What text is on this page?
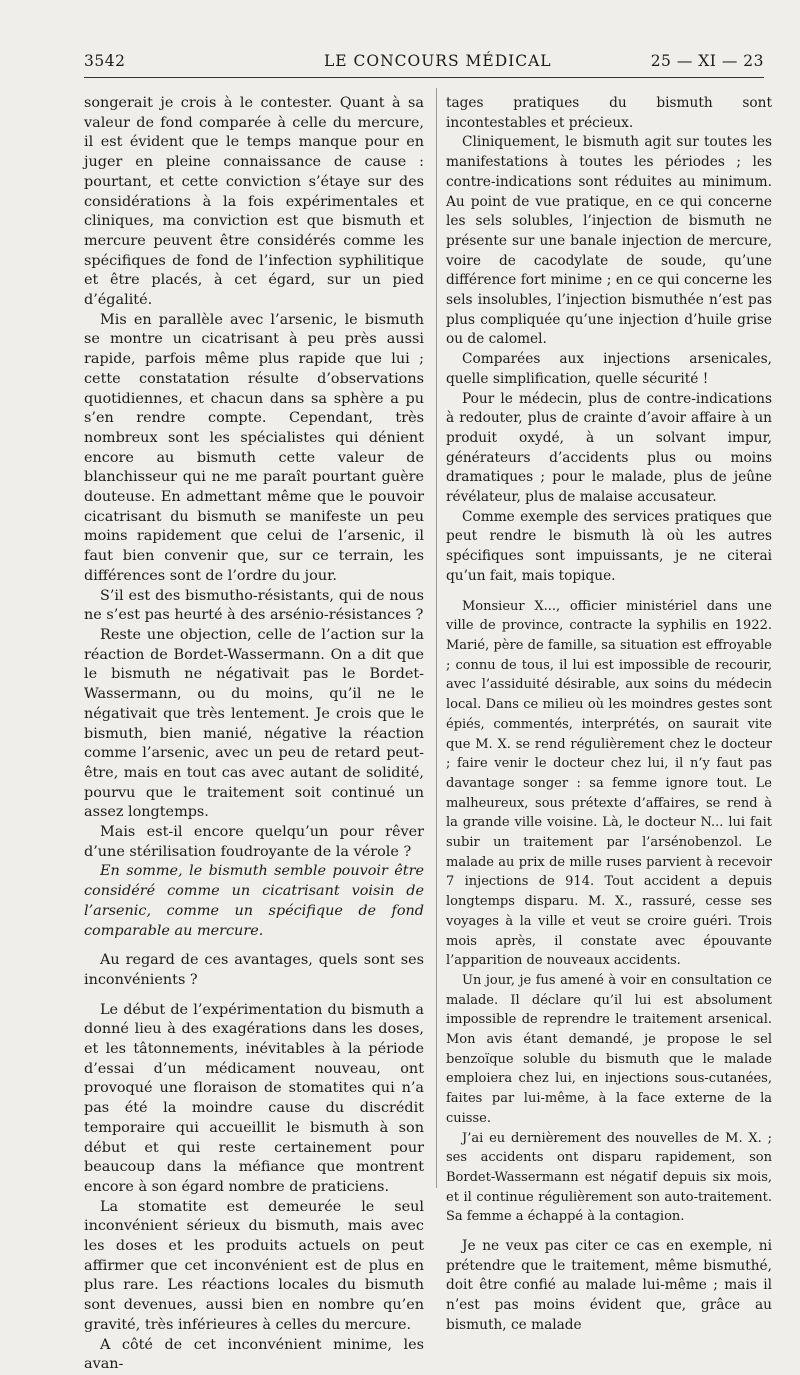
3542	LE CONCOURS MÉDICAL	25 — XI — 23

songerait je crois à le contester. Quant à sa valeur de fond comparée à celle du mercure, il est évident que le temps manque pour en juger en pleine connaissance de cause : pourtant, et cette conviction s’étaye sur des considérations à la fois expérimentales et cliniques, ma conviction est que bismuth et mercure peuvent être considérés comme les spécifiques de fond de l’infection syphilitique et être placés, à cet égard, sur un pied d’égalité.

Mis en parallèle avec l’arsenic, le bismuth se montre un cicatrisant à peu près aussi rapide, parfois même plus rapide que lui ; cette constatation résulte d’observations quotidiennes, et chacun dans sa sphère a pu s’en rendre compte. Cependant, très nombreux sont les spécialistes qui dénient encore au bismuth cette valeur de blanchisseur qui ne me paraît pourtant guère douteuse. En admettant même que le pouvoir cicatrisant du bismuth se manifeste un peu moins rapidement que celui de l’arsenic, il faut bien convenir que, sur ce terrain, les différences sont de l’ordre du jour.

S’il est des bismutho-résistants, qui de nous ne s’est pas heurté à des arsénio-résistances ?

Reste une objection, celle de l’action sur la réaction de Bordet-Wassermann. On a dit que le bismuth ne négativait pas le Bordet-Wassermann, ou du moins, qu’il ne le négativait que très lentement. Je crois que le bismuth, bien manié, négative la réaction comme l’arsenic, avec un peu de retard peut-être, mais en tout cas avec autant de solidité, pourvu que le traitement soit continué un assez longtemps.

Mais est-il encore quelqu’un pour rêver d’une stérilisation foudroyante de la vérole ?

En somme, le bismuth semble pouvoir être considéré comme un cicatrisant voisin de l’arsenic, comme un spécifique de fond comparable au mercure.

Au regard de ces avantages, quels sont ses inconvénients ?

Le début de l’expérimentation du bismuth a donné lieu à des exagérations dans les doses, et les tâtonnements, inévitables à la période d’essai d’un médicament nouveau, ont provoqué une floraison de stomatites qui n’a pas été la moindre cause du discrédit temporaire qui accueillit le bismuth à son début et qui reste certainement pour beaucoup dans la méfiance que montrent encore à son égard nombre de praticiens.

La stomatite est demeurée le seul inconvénient sérieux du bismuth, mais avec les doses et les produits actuels on peut affirmer que cet inconvénient est de plus en plus rare. Les réactions locales du bismuth sont devenues, aussi bien en nombre qu’en gravité, très inférieures à celles du mercure.

A côté de cet inconvénient minime, les avan-

tages pratiques du bismuth sont incontestables et précieux.

Cliniquement, le bismuth agit sur toutes les manifestations à toutes les périodes ; les contre-indications sont réduites au minimum. Au point de vue pratique, en ce qui concerne les sels solubles, l’injection de bismuth ne présente sur une banale injection de mercure, voire de cacodylate de soude, qu’une différence fort minime ; en ce qui concerne les sels insolubles, l’injection bismuthée n’est pas plus compliquée qu’une injection d’huile grise ou de calomel.

Comparées aux injections arsenicales, quelle simplification, quelle sécurité !

Pour le médecin, plus de contre-indications à redouter, plus de crainte d’avoir affaire à un produit oxydé, à un solvant impur, générateurs d’accidents plus ou moins dramatiques ; pour le malade, plus de jeûne révélateur, plus de malaise accusateur.

Comme exemple des services pratiques que peut rendre le bismuth là où les autres spécifiques sont impuissants, je ne citerai qu’un fait, mais topique.

Monsieur X..., officier ministériel dans une ville de province, contracte la syphilis en 1922. Marié, père de famille, sa situation est effroyable ; connu de tous, il lui est impossible de recourir, avec l’assiduité désirable, aux soins du médecin local. Dans ce milieu où les moindres gestes sont épiés, commentés, interprétés, on saurait vite que M. X. se rend régulièrement chez le docteur ; faire venir le docteur chez lui, il n’y faut pas davantage songer : sa femme ignore tout. Le malheureux, sous prétexte d’affaires, se rend à la grande ville voisine. Là, le docteur N... lui fait subir un traitement par l’arsénobenzol. Le malade au prix de mille ruses parvient à recevoir 7 injections de 914. Tout accident a depuis longtemps disparu. M. X., rassuré, cesse ses voyages à la ville et veut se croire guéri. Trois mois après, il constate avec épouvante l’apparition de nouveaux accidents.

Un jour, je fus amené à voir en consultation ce malade. Il déclare qu’il lui est absolument impossible de reprendre le traitement arsenical. Mon avis étant demandé, je propose le sel benzoïque soluble du bismuth que le malade emploiera chez lui, en injections sous-cutanées, faites par lui-même, à la face externe de la cuisse.

J’ai eu dernièrement des nouvelles de M. X. ; ses accidents ont disparu rapidement, son Bordet-Wassermann est négatif depuis six mois, et il continue régulièrement son auto-traitement. Sa femme a échappé à la contagion.

Je ne veux pas citer ce cas en exemple, ni prétendre que le traitement, même bismuthé, doit être confié au malade lui-même ; mais il n’est pas moins évident que, grâce au bismuth, ce malade
